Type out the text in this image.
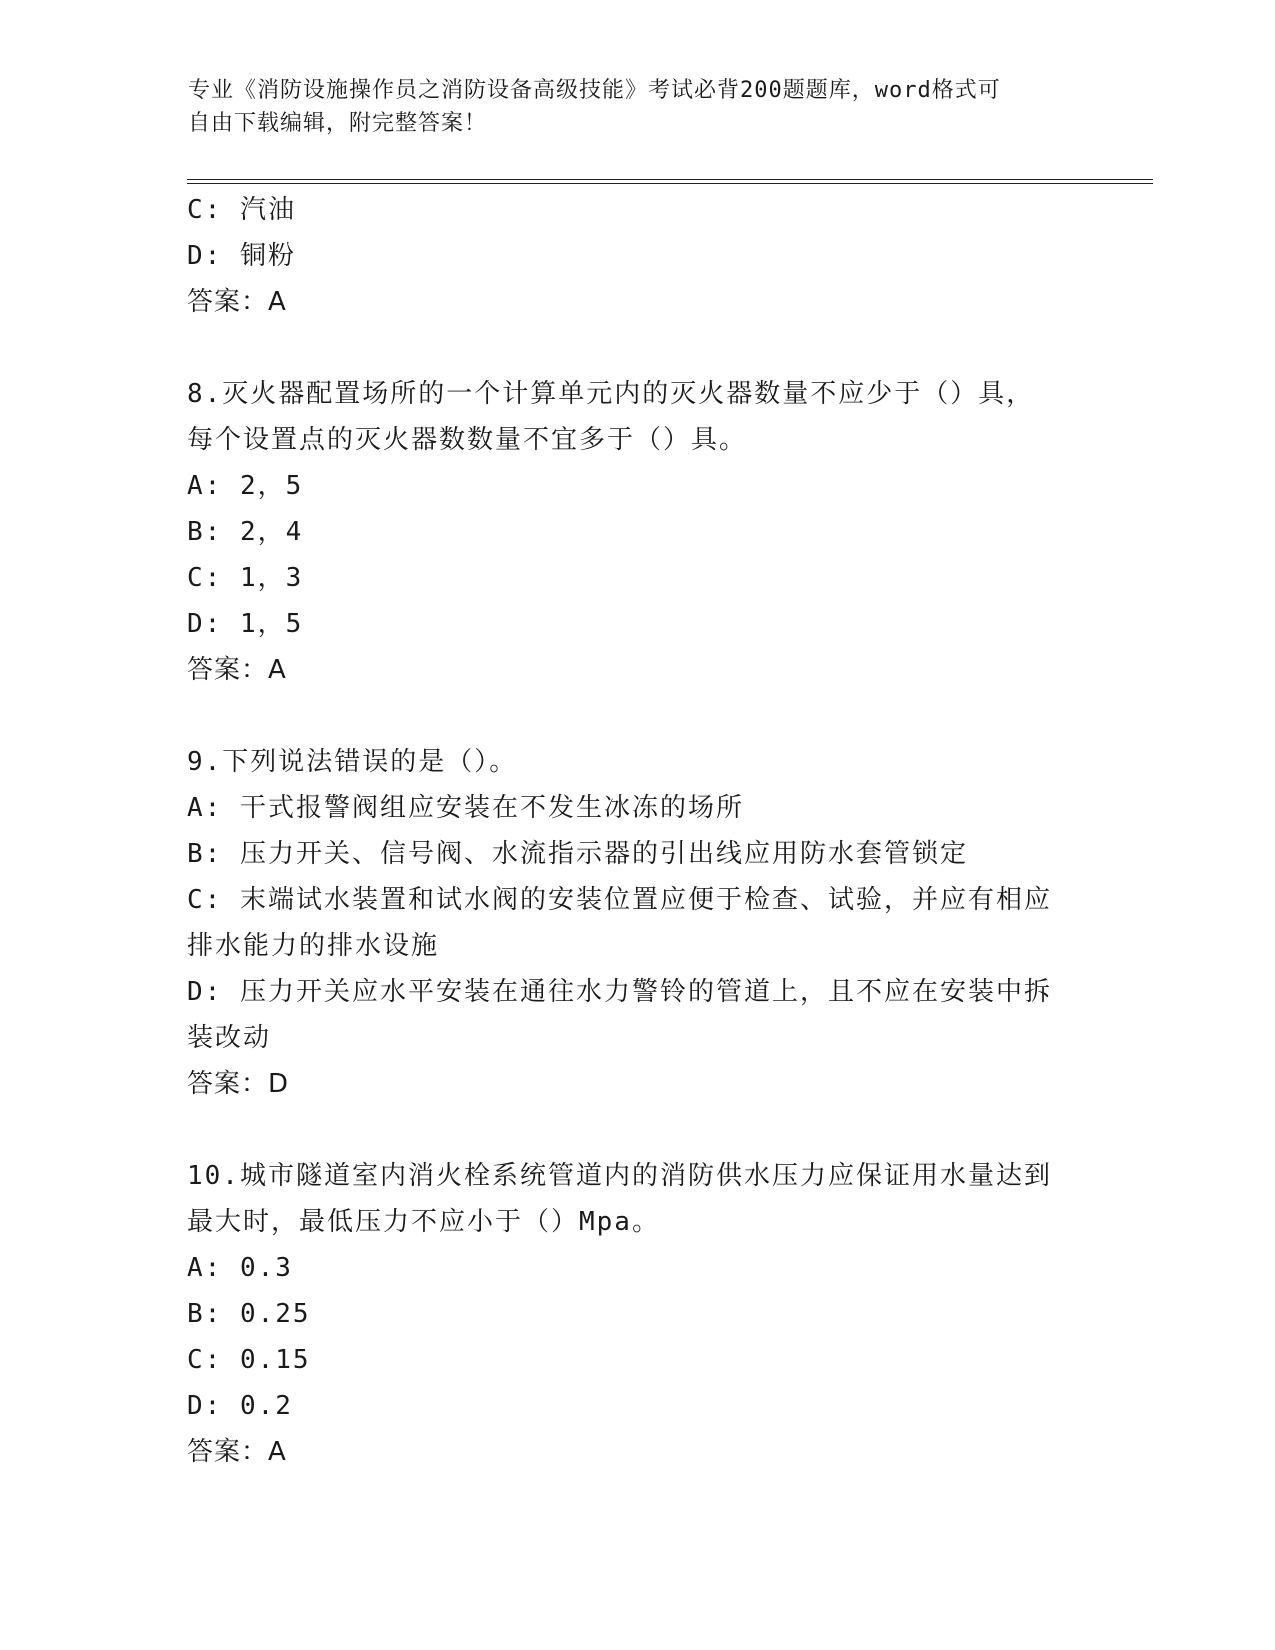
专业《消防设施操作员之消防设备高级技能》考试必背200题题库，word格式可
自由下载编辑，附完整答案！
C: 汽油
D: 铜粉
答案：A
8.灭火器配置场所的一个计算单元内的灭火器数量不应少于（）具，
每个设置点的灭火器数数量不宜多于（）具。
A: 2，5
B: 2，4
C: 1，3
D: 1，5
答案：A
9.下列说法错误的是（）。
A: 干式报警阀组应安装在不发生冰冻的场所
B: 压力开关、信号阀、水流指示器的引出线应用防水套管锁定
C: 末端试水装置和试水阀的安装位置应便于检查、试验，并应有相应
排水能力的排水设施
D: 压力开关应水平安装在通往水力警铃的管道上，且不应在安装中拆
装改动
答案：D
10.城市隧道室内消火栓系统管道内的消防供水压力应保证用水量达到
最大时，最低压力不应小于（）Mpa。
A: 0.3
B: 0.25
C: 0.15
D: 0.2
答案：A
